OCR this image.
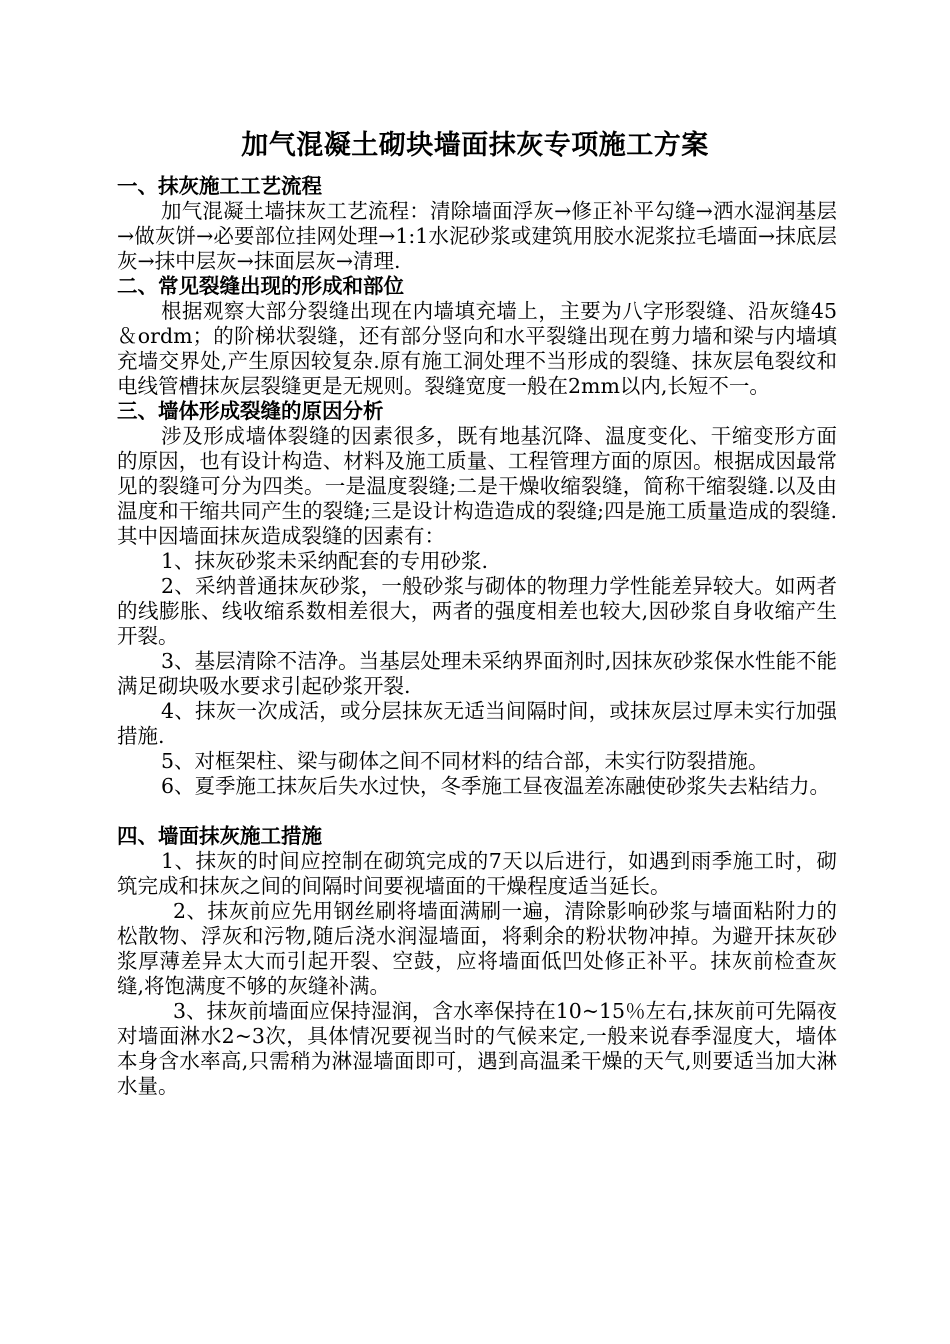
加气混凝土砌块墙面抹灰专项施工方案

一、抹灰施工工艺流程

加气混凝土墙抹灰工艺流程：清除墙面浮灰→修正补平勾缝→洒水湿润基层→做灰饼→必要部位挂网处理→1:1水泥砂浆或建筑用胶水泥浆拉毛墙面→抹底层灰→抹中层灰→抹面层灰→清理.

二、常见裂缝出现的形成和部位

根据观察大部分裂缝出现在内墙填充墙上，主要为八字形裂缝、沿灰缝45＆ordm；的阶梯状裂缝，还有部分竖向和水平裂缝出现在剪力墙和梁与内墙填充墙交界处,产生原因较复杂.原有施工洞处理不当形成的裂缝、抹灰层龟裂纹和电线管槽抹灰层裂缝更是无规则。裂缝宽度一般在2mm以内,长短不一。

三、墙体形成裂缝的原因分析

涉及形成墙体裂缝的因素很多，既有地基沉降、温度变化、干缩变形方面的原因，也有设计构造、材料及施工质量、工程管理方面的原因。根据成因最常见的裂缝可分为四类。一是温度裂缝;二是干燥收缩裂缝，简称干缩裂缝.以及由温度和干缩共同产生的裂缝;三是设计构造造成的裂缝;四是施工质量造成的裂缝.其中因墙面抹灰造成裂缝的因素有：

1、抹灰砂浆未采纳配套的专用砂浆.

2、采纳普通抹灰砂浆，一般砂浆与砌体的物理力学性能差异较大。如两者的线膨胀、线收缩系数相差很大，两者的强度相差也较大,因砂浆自身收缩产生开裂。

3、基层清除不洁净。当基层处理未采纳界面剂时,因抹灰砂浆保水性能不能满足砌块吸水要求引起砂浆开裂.

4、抹灰一次成活，或分层抹灰无适当间隔时间，或抹灰层过厚未实行加强措施.

5、对框架柱、梁与砌体之间不同材料的结合部，未实行防裂措施。

6、夏季施工抹灰后失水过快，冬季施工昼夜温差冻融使砂浆失去粘结力。

四、墙面抹灰施工措施

1、抹灰的时间应控制在砌筑完成的7天以后进行，如遇到雨季施工时，砌筑完成和抹灰之间的间隔时间要视墙面的干燥程度适当延长。

2、抹灰前应先用钢丝刷将墙面满刷一遍，清除影响砂浆与墙面粘附力的松散物、浮灰和污物,随后浇水润湿墙面，将剩余的粉状物冲掉。为避开抹灰砂浆厚薄差异太大而引起开裂、空鼓，应将墙面低凹处修正补平。抹灰前检查灰缝,将饱满度不够的灰缝补满。

3、抹灰前墙面应保持湿润，含水率保持在10~15％左右,抹灰前可先隔夜对墙面淋水2~3次，具体情况要视当时的气候来定,一般来说春季湿度大，墙体本身含水率高,只需稍为淋湿墙面即可，遇到高温柔干燥的天气,则要适当加大淋水量。
